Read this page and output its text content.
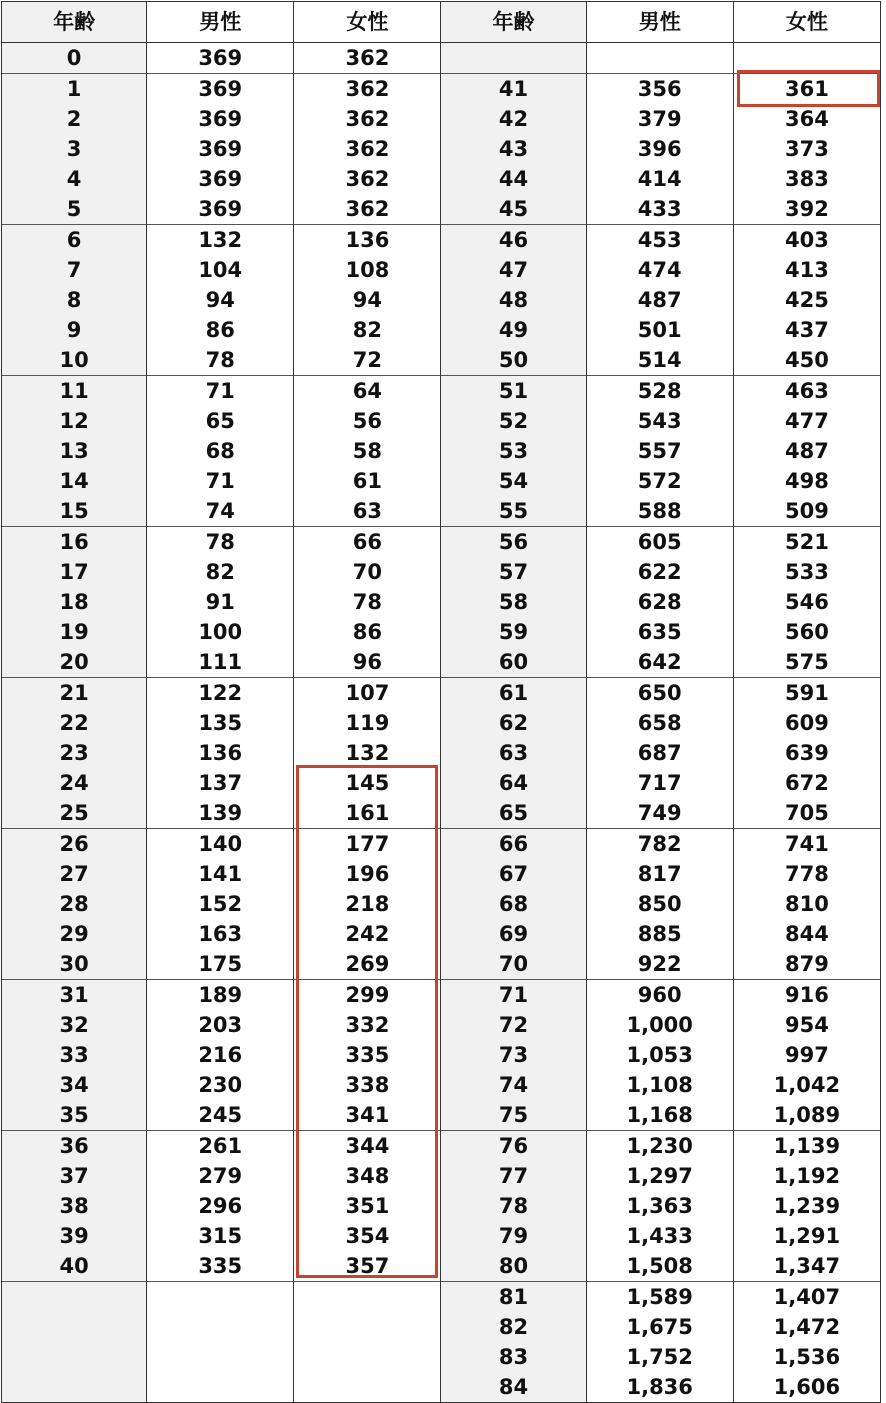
年齢	男性	女性	年齢	男性	女性
0	369	362			
1	369	362	41	356	361
2	369	362	42	379	364
3	369	362	43	396	373
4	369	362	44	414	383
5	369	362	45	433	392
6	132	136	46	453	403
7	104	108	47	474	413
8	94	94	48	487	425
9	86	82	49	501	437
10	78	72	50	514	450
11	71	64	51	528	463
12	65	56	52	543	477
13	68	58	53	557	487
14	71	61	54	572	498
15	74	63	55	588	509
16	78	66	56	605	521
17	82	70	57	622	533
18	91	78	58	628	546
19	100	86	59	635	560
20	111	96	60	642	575
21	122	107	61	650	591
22	135	119	62	658	609
23	136	132	63	687	639
24	137	145	64	717	672
25	139	161	65	749	705
26	140	177	66	782	741
27	141	196	67	817	778
28	152	218	68	850	810
29	163	242	69	885	844
30	175	269	70	922	879
31	189	299	71	960	916
32	203	332	72	1,000	954
33	216	335	73	1,053	997
34	230	338	74	1,108	1,042
35	245	341	75	1,168	1,089
36	261	344	76	1,230	1,139
37	279	348	77	1,297	1,192
38	296	351	78	1,363	1,239
39	315	354	79	1,433	1,291
40	335	357	80	1,508	1,347
			81	1,589	1,407
			82	1,675	1,472
			83	1,752	1,536
			84	1,836	1,606
